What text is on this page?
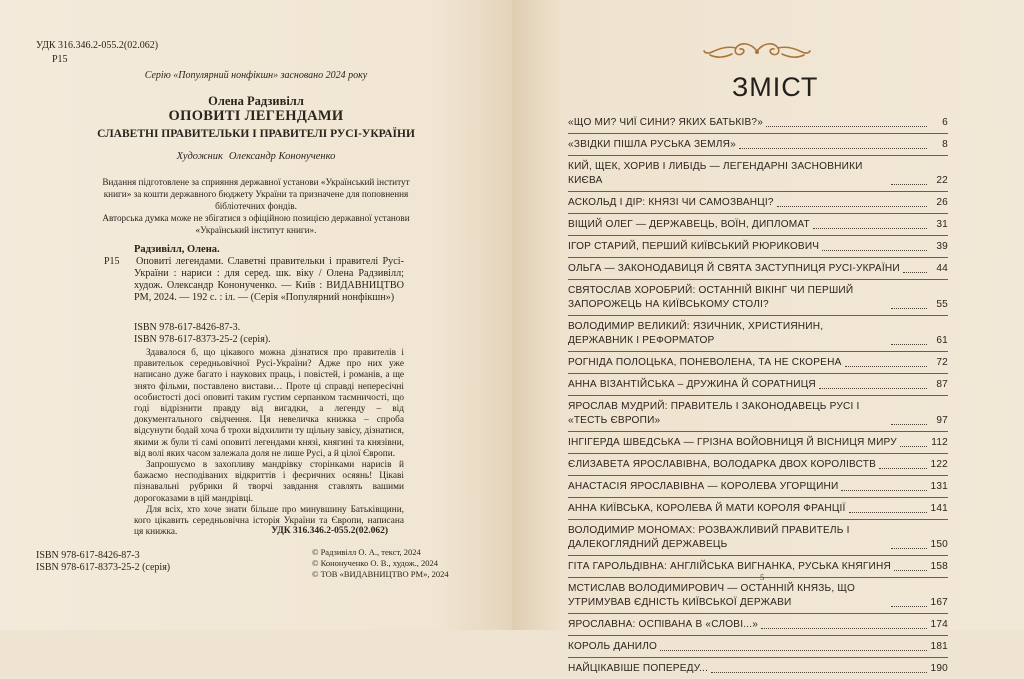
УДК 316.346.2-055.2(02.062)
Р15
Серію «Популярний нонфікшн» засновано 2024 року
Олена Радзивілл
ОПОВИТІ ЛЕГЕНДАМИ
СЛАВЕТНІ ПРАВИТЕЛЬКИ І ПРАВИТЕЛІ РУСІ-УКРАЇНИ
Художник Олександр Кононученко
Видання підготовлене за сприяння державної установи «Український інститут книги» за кошти державного бюджету України та призначене для поповнення бібліотечних фондів.
Авторська думка може не збігатися з офіційною позицією державної установи «Український інститут книги».
Радзивілл, Олена.
Р15 Оповиті легендами. Славетні правительки і правителі Русі-України : нариси : для серед. шк. віку / Олена Радзивілл; худож. Олександр Кононученко. — Київ : ВИДАВНИЦТВО РМ, 2024. — 192 с. : іл. — (Серія «Популярний нонфікшн»)
ISBN 978-617-8426-87-3.
ISBN 978-617-8373-25-2 (серія).

Здавалося б, що цікавого можна дізнатися про правителів і правительок середньовічної Русі-України? Адже про них уже написано дуже багато і наукових праць, і повістей, і романів, а ще знято фільми, поставлено вистави… Проте ці справді непересічні особистості досі оповиті таким густим серпанком таємничості, що годі відрізнити правду від вигадки, а легенду – від документального свідчення. Ця невеличка книжка – спроба відсунути бодай хоча б трохи відхилити ту щільну завісу, дізнатися, якими ж були ті самі оповиті легендами князі, княгині та князівни, від волі яких часом залежала доля не лише Русі, а й цілої Європи.

Запрошуємо в захопливу мандрівку сторінками нарисів й бажаємо несподіваних відкриттів і феєричних осяянь! Цікаві пізнавальні рубрики й творчі завдання ставлять вашими дорогоказами в цій мандрівці.

Для всіх, хто хоче знати більше про минувшину Батьківщини, кого цікавить середньовічна історія України та Європи, написана ця книжка.	УДК 316.346.2-055.2(02.062)
ISBN 978-617-8426-87-3
ISBN 978-617-8373-25-2 (серія)
© Радзивілл О. А., текст, 2024
© Кононученко О. В., худож., 2024
© ТОВ «ВИДАВНИЦТВО РМ», 2024
ЗМІСТ
«ЩО МИ? ЧИЇ СИНИ? ЯКИХ БАТЬКІВ?»	6
«ЗВІДКИ ПІШЛА РУСЬКА ЗЕМЛЯ»	8
КИЙ, ЩЕК, ХОРИВ І ЛИБІДЬ — ЛЕГЕНДАРНІ ЗАСНОВНИКИ КИЄВА	22
АСКОЛЬД І ДІР: КНЯЗІ ЧИ САМОЗВАНЦІ?	26
ВІЩИЙ ОЛЕГ — ДЕРЖАВЕЦЬ, ВОЇН, ДИПЛОМАТ	31
ІГОР СТАРИЙ, ПЕРШИЙ КИЇВСЬКИЙ РЮРИКОВИЧ	39
ОЛЬГА — ЗАКОНОДАВИЦЯ Й СВЯТА ЗАСТУПНИЦЯ РУСІ-УКРАЇНИ	44
СВЯТОСЛАВ ХОРОБРИЙ: ОСТАННІЙ ВІКІНГ ЧИ ПЕРШИЙ ЗАПОРОЖЕЦЬ НА КИЇВСЬКОМУ СТОЛІ?	55
ВОЛОДИМИР ВЕЛИКИЙ: ЯЗИЧНИК, ХРИСТИЯНИН, ДЕРЖАВНИК І РЕФОРМАТОР	61
РОГНІДА ПОЛОЦЬКА, ПОНЕВОЛЕНА, ТА НЕ СКОРЕНА	72
АННА ВІЗАНТІЙСЬКА – ДРУЖИНА Й СОРАТНИЦЯ	87
ЯРОСЛАВ МУДРИЙ: ПРАВИТЕЛЬ І ЗАКОНОДАВЕЦЬ РУСІ І «ТЕСТЬ ЄВРОПИ»	97
ІНГІГЕРДА ШВЕДСЬКА — ГРІЗНА ВОЙОВНИЦЯ Й ВІСНИЦЯ МИРУ	112
ЄЛИЗАВЕТА ЯРОСЛАВІВНА, ВОЛОДАРКА ДВОХ КОРОЛІВСТВ	122
АНАСТАСІЯ ЯРОСЛАВІВНА — КОРОЛЕВА УГОРЩИНИ	131
АННА КИЇВСЬКА, КОРОЛЕВА Й МАТИ КОРОЛЯ ФРАНЦІЇ	141
ВОЛОДИМИР МОНОМАХ: РОЗВАЖЛИВИЙ ПРАВИТЕЛЬ І ДАЛЕКОГЛЯДНИЙ ДЕРЖАВЕЦЬ	150
ГІТА ГАРОЛЬДІВНА: АНГЛІЙСЬКА ВИГНАНКА, РУСЬКА КНЯГИНЯ	158
МСТИСЛАВ ВОЛОДИМИРОВИЧ — ОСТАННІЙ КНЯЗЬ, ЩО УТРИМУВАВ ЄДНІСТЬ КИЇВСЬКОЇ ДЕРЖАВИ	167
ЯРОСЛАВНА: ОСПІВАНА В «СЛОВІ...»	174
КОРОЛЬ ДАНИЛО	181
НАЙЦІКАВІШЕ ПОПЕРЕДУ...	190
5
